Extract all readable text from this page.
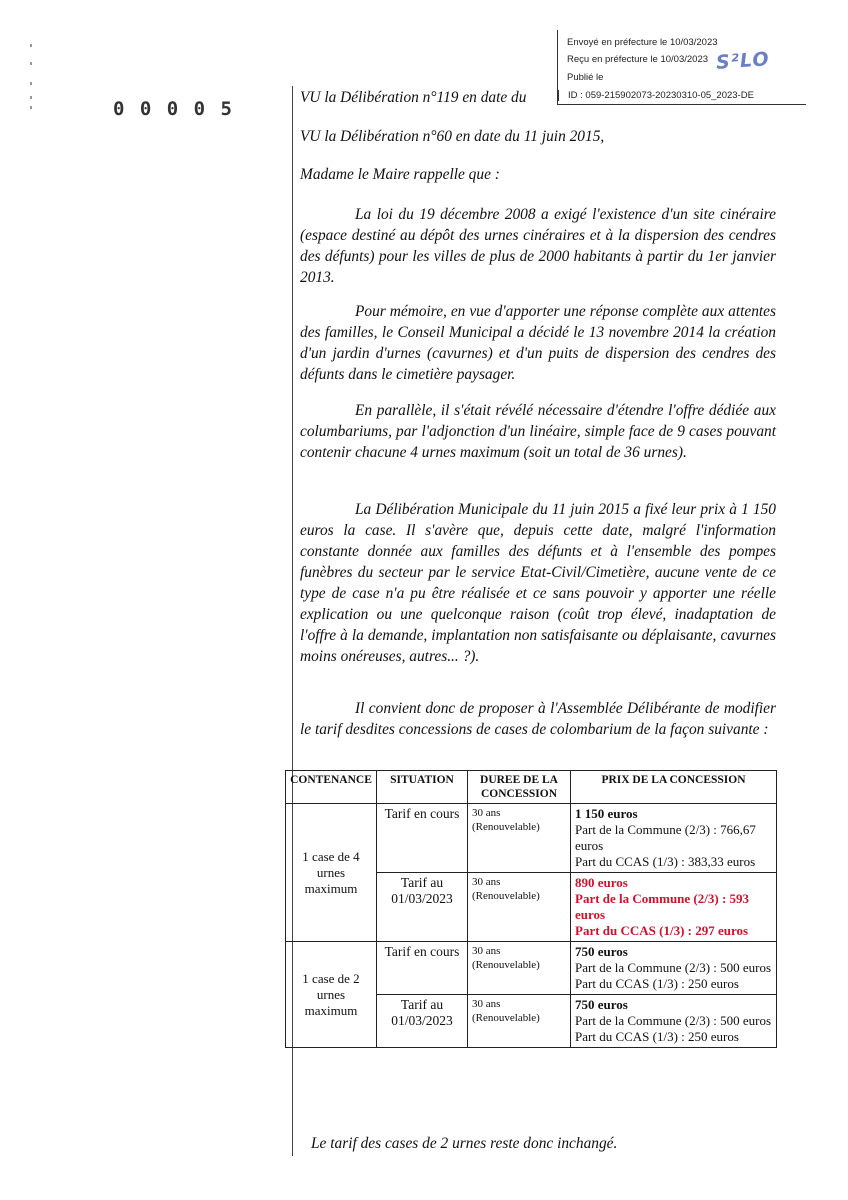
Envoyé en préfecture le 10/03/2023
Reçu en préfecture le 10/03/2023
Publié le
ID : 059-215902073-20230310-05_2023-DE
S²LO
0 0 0 0 5
VU la Délibération n°119 en date du
VU la Délibération n°60 en date du 11 juin 2015,
Madame le Maire rappelle que :
La loi du 19 décembre 2008 a exigé l'existence d'un site cinéraire (espace destiné au dépôt des urnes cinéraires et à la dispersion des cendres des défunts) pour les villes de plus de 2000 habitants à partir du 1er janvier 2013.
Pour mémoire, en vue d'apporter une réponse complète aux attentes des familles, le Conseil Municipal a décidé le 13 novembre 2014 la création d'un jardin d'urnes (cavurnes) et d'un puits de dispersion des cendres des défunts dans le cimetière paysager.
En parallèle, il s'était révélé nécessaire d'étendre l'offre dédiée aux columbariums, par l'adjonction d'un linéaire, simple face de 9 cases pouvant contenir chacune 4 urnes maximum (soit un total de 36 urnes).
La Délibération Municipale du 11 juin 2015 a fixé leur prix à 1 150 euros la case. Il s'avère que, depuis cette date, malgré l'information constante donnée aux familles des défunts et à l'ensemble des pompes funèbres du secteur par le service Etat-Civil/Cimetière, aucune vente de ce type de case n'a pu être réalisée et ce sans pouvoir y apporter une réelle explication ou une quelconque raison (coût trop élevé, inadaptation de l'offre à la demande, implantation non satisfaisante ou déplaisante, cavurnes moins onéreuses, autres... ?).
Il convient donc de proposer à l'Assemblée Délibérante de modifier le tarif desdites concessions de cases de colombarium de la façon suivante :
CONTENANCE	SITUATION	DUREE DE LA CONCESSION	PRIX DE LA CONCESSION
1 case de 4 urnes maximum	Tarif en cours	30 ans (Renouvelable)	1 150 euros
Part de la Commune (2/3) : 766,67 euros
Part du CCAS (1/3) : 383,33 euros

	Tarif au 01/03/2023	30 ans (Renouvelable)	890 euros
Part de la Commune (2/3) : 593 euros
Part du CCAS (1/3) : 297 euros

1 case de 2 urnes maximum	Tarif en cours	30 ans (Renouvelable)	750 euros
Part de la Commune (2/3) : 500 euros
Part du CCAS (1/3) : 250 euros

	Tarif au 01/03/2023	30 ans (Renouvelable)	750 euros
Part de la Commune (2/3) : 500 euros
Part du CCAS (1/3) : 250 euros
Le tarif des cases de 2 urnes reste donc inchangé.
